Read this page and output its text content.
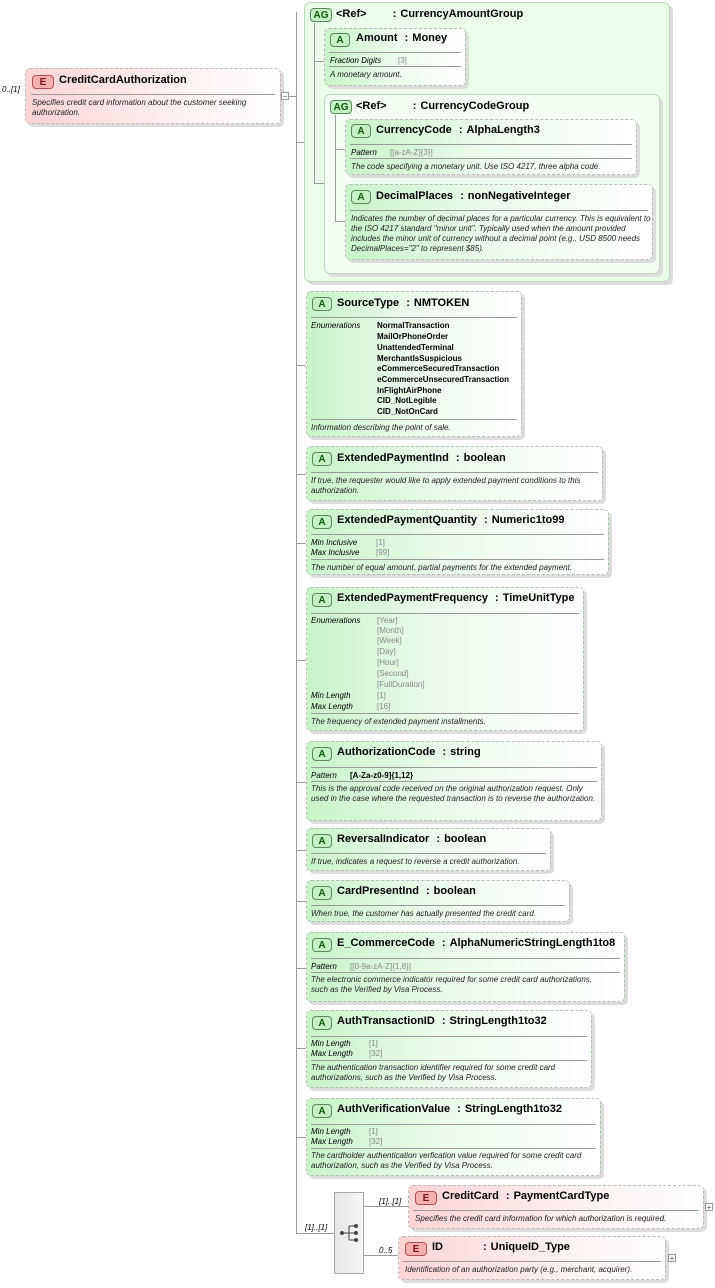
0..[1]
E	CreditCardAuthorization
Specifies credit card information about the customer seeking authorization.
−
AG <Ref> : CurrencyAmountGroup
A	Amount : Money
Fraction Digits [3]
A monetary amount.
AG <Ref> : CurrencyCodeGroup
A	CurrencyCode : AlphaLength3
Pattern [[a-zA-Z]{3}]
The code specifying a monetary unit. Use ISO 4217, three alpha code.
A	DecimalPlaces : nonNegativeInteger
Indicates the number of decimal places for a particular currency. This is equivalent to the ISO 4217 standard "minor unit". Typically used when the amount provided includes the minor unit of currency without a decimal point (e.g., USD 8500 needs DecimalPlaces="2" to represent $85).
A	SourceType : NMTOKEN
Enumerations NormalTransaction
MailOrPhoneOrder
UnattendedTerminal
MerchantIsSuspicious
eCommerceSecuredTransaction
eCommerceUnsecuredTransaction
InFlightAirPhone
CID_NotLegible
CID_NotOnCard
Information describing the point of sale.
A	ExtendedPaymentInd : boolean
If true, the requester would like to apply extended payment conditions to this authorization.
A	ExtendedPaymentQuantity : Numeric1to99
Min Inclusive [1]
Max Inclusive [99]
The number of equal amount, partial payments for the extended payment.
A	ExtendedPaymentFrequency : TimeUnitType
Enumerations [Year]
[Month]
[Week]
[Day]
[Hour]
[Second]
[FullDuration]
Min Length	[1]
Max Length	[16]
The frequency of extended payment installments.
A	AuthorizationCode : string
Pattern [A-Za-z0-9]{1,12}
This is the approval code received on the original authorization request. Only used in the case where the requested transaction is to reverse the authorization.
A	ReversalIndicator : boolean
If true, indicates a request to reverse a credit authorization.
A	CardPresentInd : boolean
When true, the customer has actually presented the credit card.
A	E_CommerceCode : AlphaNumericStringLength1to8
Pattern [[0-9a-zA-Z]{1,8}]
The electronic commerce indicator required for some credit card authorizations, such as the Verified by Visa Process.
A	AuthTransactionID : StringLength1to32
Min Length [1]
Max Length [32]
The authentication transaction identifier required for some credit card authorizations, such as the Verified by Visa Process.
A	AuthVerificationValue : StringLength1to32
Min Length [1]
Max Length [32]
The cardholder authentication verfication value required for some credit card authorization, such as the Verified by Visa Process.
[1]..[1]
[1]..[1]	E	CreditCard : PaymentCardType
Specifies the credit card information for which authorization is required.
+
0..5	E	ID	: UniqueID_Type
Identification of an authorization party (e.g., merchant, acquirer).
+
